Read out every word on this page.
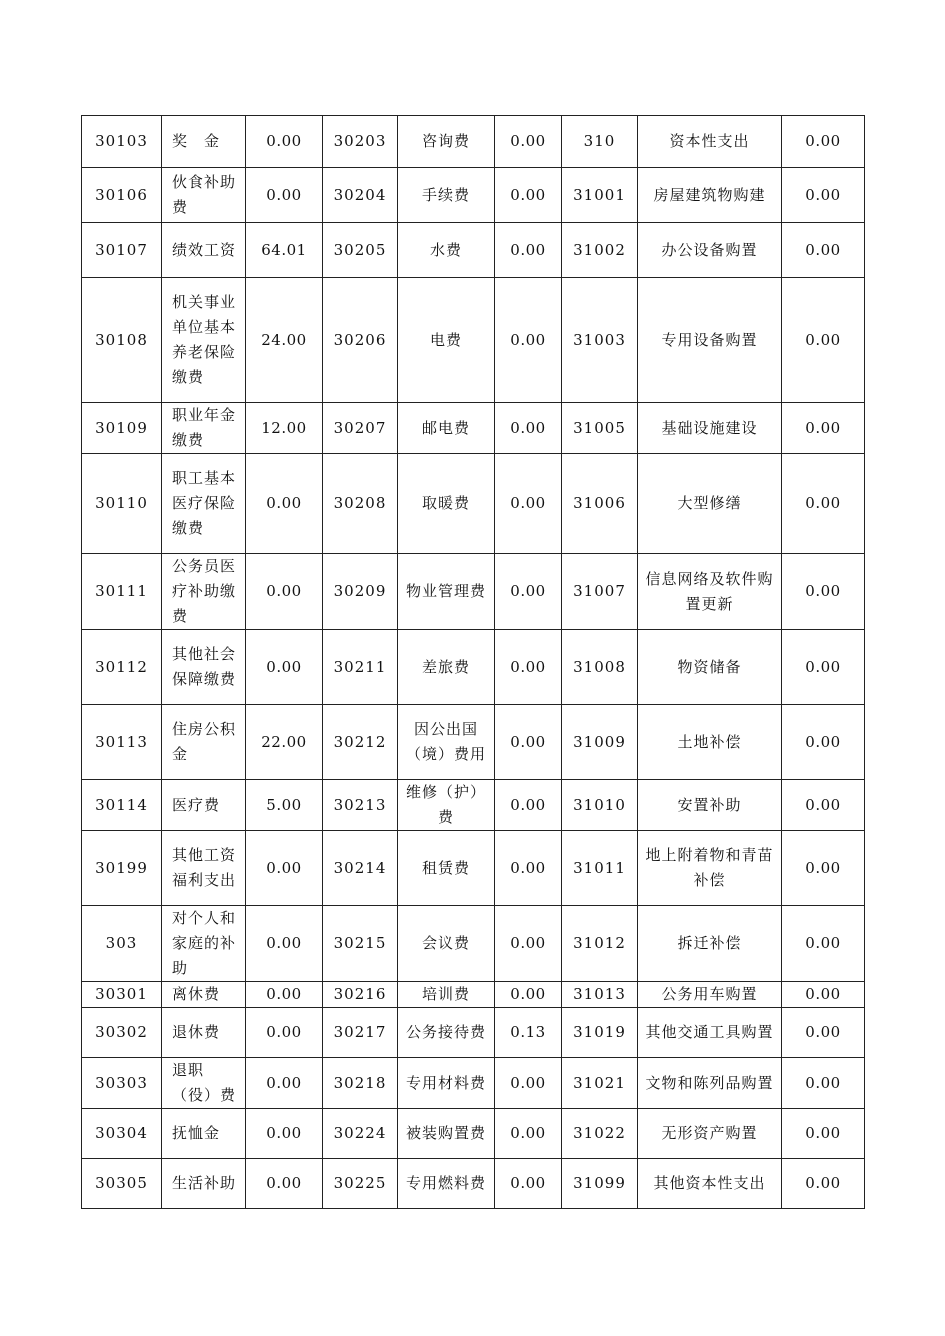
30103	奖　金	0.00	30203	咨询费	0.00	310	资本性支出	0.00
30106	伙食补助费	0.00	30204	手续费	0.00	31001	房屋建筑物购建	0.00
30107	绩效工资	64.01	30205	水费	0.00	31002	办公设备购置	0.00
30108	机关事业单位基本养老保险缴费	24.00	30206	电费	0.00	31003	专用设备购置	0.00
30109	职业年金缴费	12.00	30207	邮电费	0.00	31005	基础设施建设	0.00
30110	职工基本医疗保险缴费	0.00	30208	取暖费	0.00	31006	大型修缮	0.00
30111	公务员医疗补助缴费	0.00	30209	物业管理费	0.00	31007	信息网络及软件购置更新	0.00
30112	其他社会保障缴费	0.00	30211	差旅费	0.00	31008	物资储备	0.00
30113	住房公积金	22.00	30212	因公出国（境）费用	0.00	31009	土地补偿	0.00
30114	医疗费	5.00	30213	维修（护）费	0.00	31010	安置补助	0.00
30199	其他工资福利支出	0.00	30214	租赁费	0.00	31011	地上附着物和青苗补偿	0.00
303	对个人和家庭的补助	0.00	30215	会议费	0.00	31012	拆迁补偿	0.00
30301	离休费	0.00	30216	培训费	0.00	31013	公务用车购置	0.00
30302	退休费	0.00	30217	公务接待费	0.13	31019	其他交通工具购置	0.00
30303	退职（役）费	0.00	30218	专用材料费	0.00	31021	文物和陈列品购置	0.00
30304	抚恤金	0.00	30224	被装购置费	0.00	31022	无形资产购置	0.00
30305	生活补助	0.00	30225	专用燃料费	0.00	31099	其他资本性支出	0.00
